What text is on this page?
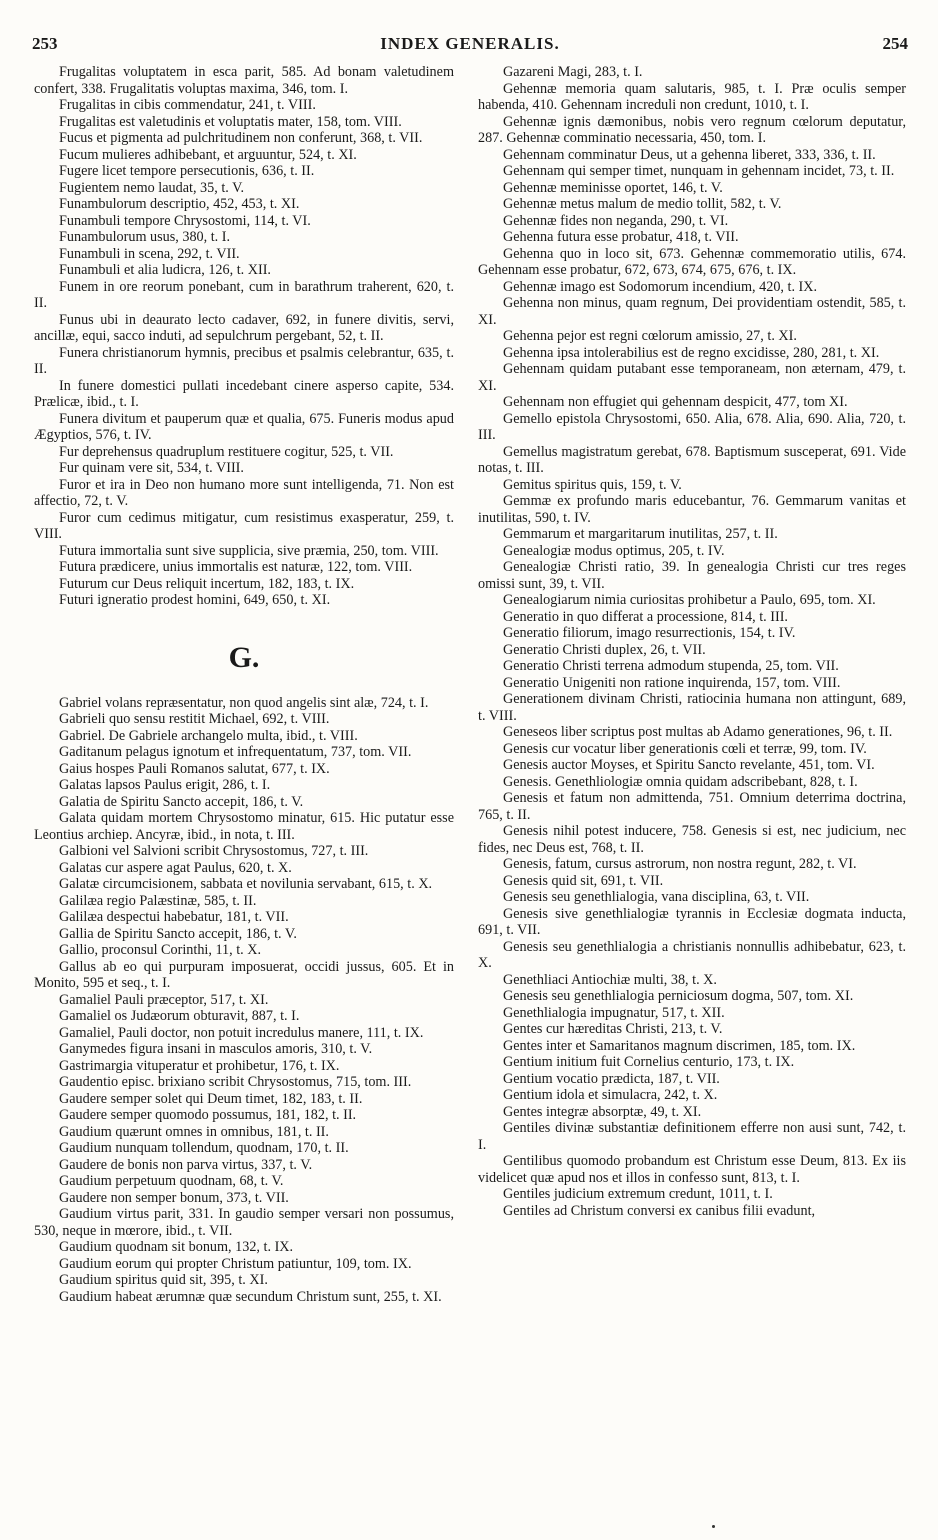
253	INDEX GENERALIS.	254

Frugalitas voluptatem in esca parit, 585. Ad bonam valetudinem confert, 338. Frugalitatis voluptas maxima, 346, tom. I.

Frugalitas in cibis commendatur, 241, t. VIII.

Frugalitas est valetudinis et voluptatis mater, 158, tom. VIII.

Fucus et pigmenta ad pulchritudinem non conferunt, 368, t. VII.

Fucum mulieres adhibebant, et arguuntur, 524, t. XI.

Fugere licet tempore persecutionis, 636, t. II.

Fugientem nemo laudat, 35, t. V.

Funambulorum descriptio, 452, 453, t. XI.

Funambuli tempore Chrysostomi, 114, t. VI.

Funambulorum usus, 380, t. I.

Funambuli in scena, 292, t. VII.

Funambuli et alia ludicra, 126, t. XII.

Funem in ore reorum ponebant, cum in barathrum traherent, 620, t. II.

Funus ubi in deaurato lecto cadaver, 692, in funere divitis, servi, ancillæ, equi, sacco induti, ad sepulchrum pergebant, 52, t. II.

Funera christianorum hymnis, precibus et psalmis celebrantur, 635, t. II.

In funere domestici pullati incedebant cinere asperso capite, 534. Prælicæ, ibid., t. I.

Funera divitum et pauperum quæ et qualia, 675. Funeris modus apud Ægyptios, 576, t. IV.

Fur deprehensus quadruplum restituere cogitur, 525, t. VII.

Fur quinam vere sit, 534, t. VIII.

Furor et ira in Deo non humano more sunt intelligenda, 71. Non est affectio, 72, t. V.

Furor cum cedimus mitigatur, cum resistimus exasperatur, 259, t. VIII.

Futura immortalia sunt sive supplicia, sive præmia, 250, tom. VIII.

Futura prædicere, unius immortalis est naturæ, 122, tom. VIII.

Futurum cur Deus reliquit incertum, 182, 183, t. IX.

Futuri igneratio prodest homini, 649, 650, t. XI.

G.

Gabriel volans repræsentatur, non quod angelis sint alæ, 724, t. I.

Gabrieli quo sensu restitit Michael, 692, t. VIII.

Gabriel. De Gabriele archangelo multa, ibid., t. VIII.

Gaditanum pelagus ignotum et infrequentatum, 737, tom. VII.

Gaius hospes Pauli Romanos salutat, 677, t. IX.

Galatas lapsos Paulus erigit, 286, t. I.

Galatia de Spiritu Sancto accepit, 186, t. V.

Galata quidam mortem Chrysostomo minatur, 615. Hic putatur esse Leontius archiep. Ancyræ, ibid., in nota, t. III.

Galbioni vel Salvioni scribit Chrysostomus, 727, t. III.

Galatas cur aspere agat Paulus, 620, t. X.

Galatæ circumcisionem, sabbata et novilunia servabant, 615, t. X.

Galilæa regio Palæstinæ, 585, t. II.

Galilæa despectui habebatur, 181, t. VII.

Gallia de Spiritu Sancto accepit, 186, t. V.

Gallio, proconsul Corinthi, 11, t. X.

Gallus ab eo qui purpuram imposuerat, occidi jussus, 605. Et in Monito, 595 et seq., t. I.

Gamaliel Pauli præceptor, 517, t. XI.

Gamaliel os Judæorum obturavit, 887, t. I.

Gamaliel, Pauli doctor, non potuit incredulus manere, 111, t. IX.

Ganymedes figura insani in masculos amoris, 310, t. V.

Gastrimargia vituperatur et prohibetur, 176, t. IX.

Gaudentio episc. brixiano scribit Chrysostomus, 715, tom. III.

Gaudere semper solet qui Deum timet, 182, 183, t. II.

Gaudere semper quomodo possumus, 181, 182, t. II.

Gaudium quærunt omnes in omnibus, 181, t. II.

Gaudium nunquam tollendum, quodnam, 170, t. II.

Gaudere de bonis non parva virtus, 337, t. V.

Gaudium perpetuum quodnam, 68, t. V.

Gaudere non semper bonum, 373, t. VII.

Gaudium virtus parit, 331. In gaudio semper versari non possumus, 530, neque in mœrore, ibid., t. VII.

Gaudium quodnam sit bonum, 132, t. IX.

Gaudium eorum qui propter Christum patiuntur, 109, tom. IX.

Gaudium spiritus quid sit, 395, t. XI.

Gaudium habeat ærumnæ quæ secundum Christum sunt, 255, t. XI.

Gazareni Magi, 283, t. I.

Gehennæ memoria quam salutaris, 985, t. I. Præ oculis semper habenda, 410. Gehennam increduli non credunt, 1010, t. I.

Gehennæ ignis dæmonibus, nobis vero regnum cœlorum deputatur, 287. Gehennæ comminatio necessaria, 450, tom. I.

Gehennam comminatur Deus, ut a gehenna liberet, 333, 336, t. II.

Gehennam qui semper timet, nunquam in gehennam incidet, 73, t. II.

Gehennæ meminisse oportet, 146, t. V.

Gehennæ metus malum de medio tollit, 582, t. V.

Gehennæ fides non neganda, 290, t. VI.

Gehenna futura esse probatur, 418, t. VII.

Gehenna quo in loco sit, 673. Gehennæ commemoratio utilis, 674. Gehennam esse probatur, 672, 673, 674, 675, 676, t. IX.

Gehennæ imago est Sodomorum incendium, 420, t. IX.

Gehenna non minus, quam regnum, Dei providentiam ostendit, 585, t. XI.

Gehenna pejor est regni cœlorum amissio, 27, t. XI.

Gehenna ipsa intolerabilius est de regno excidisse, 280, 281, t. XI.

Gehennam quidam putabant esse temporaneam, non æternam, 479, t. XI.

Gehennam non effugiet qui gehennam despicit, 477, tom XI.

Gemello epistola Chrysostomi, 650. Alia, 678. Alia, 690. Alia, 720, t. III.

Gemellus magistratum gerebat, 678. Baptismum susceperat, 691. Vide notas, t. III.

Gemitus spiritus quis, 159, t. V.

Gemmæ ex profundo maris educebantur, 76. Gemmarum vanitas et inutilitas, 590, t. IV.

Gemmarum et margaritarum inutilitas, 257, t. II.

Genealogiæ modus optimus, 205, t. IV.

Genealogiæ Christi ratio, 39. In genealogia Christi cur tres reges omissi sunt, 39, t. VII.

Genealogiarum nimia curiositas prohibetur a Paulo, 695, tom. XI.

Generatio in quo differat a processione, 814, t. III.

Generatio filiorum, imago resurrectionis, 154, t. IV.

Generatio Christi duplex, 26, t. VII.

Generatio Christi terrena admodum stupenda, 25, tom. VII.

Generatio Unigeniti non ratione inquirenda, 157, tom. VIII.

Generationem divinam Christi, ratiocinia humana non attingunt, 689, t. VIII.

Geneseos liber scriptus post multas ab Adamo generationes, 96, t. II.

Genesis cur vocatur liber generationis cœli et terræ, 99, tom. IV.

Genesis auctor Moyses, et Spiritu Sancto revelante, 451, tom. VI.

Genesis. Genethliologiæ omnia quidam adscribebant, 828, t. I.

Genesis et fatum non admittenda, 751. Omnium deterrima doctrina, 765, t. II.

Genesis nihil potest inducere, 758. Genesis si est, nec judicium, nec fides, nec Deus est, 768, t. II.

Genesis, fatum, cursus astrorum, non nostra regunt, 282, t. VI.

Genesis quid sit, 691, t. VII.

Genesis seu genethlialogia, vana disciplina, 63, t. VII.

Genesis sive genethlialogiæ tyrannis in Ecclesiæ dogmata inducta, 691, t. VII.

Genesis seu genethlialogia a christianis nonnullis adhibebatur, 623, t. X.

Genethliaci Antiochiæ multi, 38, t. X.

Genesis seu genethlialogia perniciosum dogma, 507, tom. XI.

Genethlialogia impugnatur, 517, t. XII.

Gentes cur hæreditas Christi, 213, t. V.

Gentes inter et Samaritanos magnum discrimen, 185, tom. IX.

Gentium initium fuit Cornelius centurio, 173, t. IX.

Gentium vocatio prædicta, 187, t. VII.

Gentium idola et simulacra, 242, t. X.

Gentes integræ absorptæ, 49, t. XI.

Gentiles divinæ substantiæ definitionem efferre non ausi sunt, 742, t. I.

Gentilibus quomodo probandum est Christum esse Deum, 813. Ex iis videlicet quæ apud nos et illos in confesso sunt, 813, t. I.

Gentiles judicium extremum credunt, 1011, t. I.

Gentiles ad Christum conversi ex canibus filii evadunt,
